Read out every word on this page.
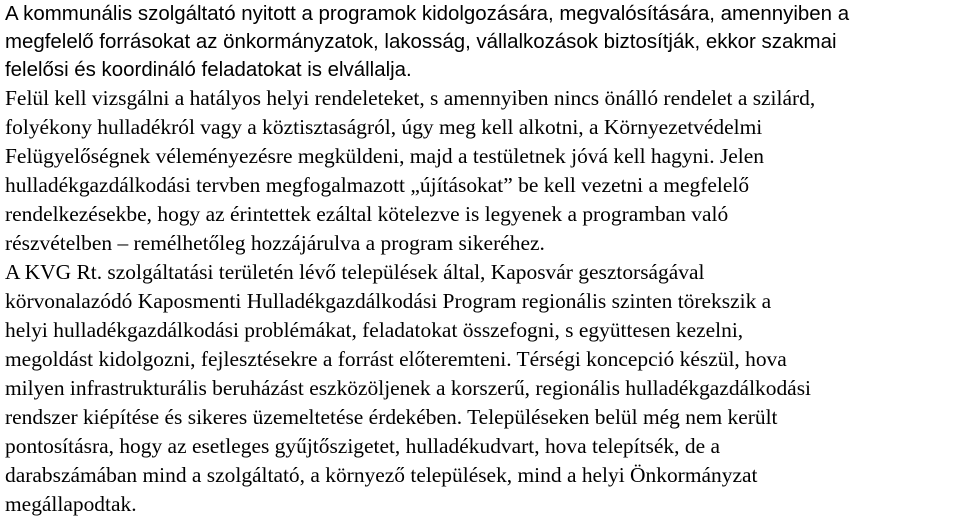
A kommunális szolgáltató nyitott a programok kidolgozására, megvalósítására, amennyiben a
megfelelő forrásokat az önkormányzatok, lakosság, vállalkozások biztosítják, ekkor szakmai
felelősi és koordináló feladatokat is elvállalja.
Felül kell vizsgálni a hatályos helyi rendeleteket, s amennyiben nincs önálló rendelet a szilárd,
folyékony hulladékról vagy a köztisztaságról, úgy meg kell alkotni, a Környezetvédelmi
Felügyelőségnek véleményezésre megküldeni, majd a testületnek jóvá kell hagyni. Jelen
hulladékgazdálkodási tervben megfogalmazott „újításokat” be kell vezetni a megfelelő
rendelkezésekbe, hogy az érintettek ezáltal kötelezve is legyenek a programban való
részvételben – remélhetőleg hozzájárulva a program sikeréhez.
A KVG Rt. szolgáltatási területén lévő települések által, Kaposvár gesztorságával
körvonalazódó Kaposmenti Hulladékgazdálkodási Program regionális szinten törekszik a
helyi hulladékgazdálkodási problémákat, feladatokat összefogni, s együttesen kezelni,
megoldást kidolgozni, fejlesztésekre a forrást előteremteni. Térségi koncepció készül, hova
milyen infrastrukturális beruházást eszközöljenek a korszerű, regionális hulladékgazdálkodási
rendszer kiépítése és sikeres üzemeltetése érdekében. Településeken belül még nem került
pontosításra, hogy az esetleges gyűjtőszigetet, hulladékudvart, hova telepítsék, de a
darabszámában mind a szolgáltató, a környező települések, mind a helyi Önkormányzat
megállapodtak.
